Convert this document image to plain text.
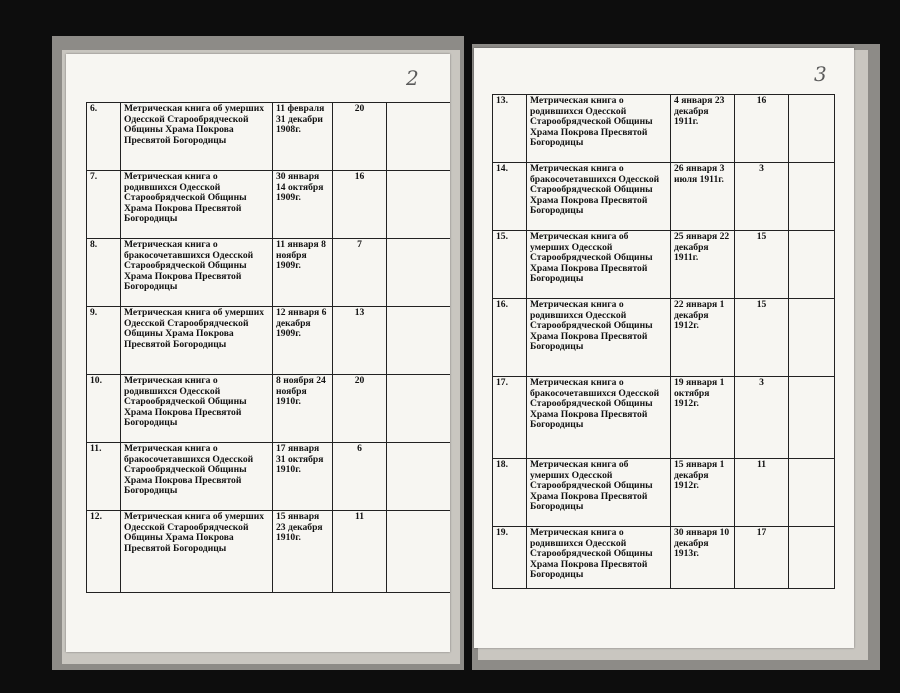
2
6.	Метрическая книга об умерших Одесской Старообрядческой Общины Храма Покрова Пресвятой Богородицы	11 февраля 31 декабри 1908г.	20	
7.	Метрическая книга о родившихся Одесской Старообрядческой Общины Храма Покрова Пресвятой Богородицы	30 января 14 октября 1909г.	16	
8.	Метрическая книга о бракосочетавшихся Одесской Старообрядческой Общины Храма Покрова Пресвятой Богородицы	11 января 8 ноября 1909г.	7	
9.	Метрическая книга об умерших Одесской Старообрядческой Общины Храма Покрова Пресвятой Богородицы	12 января 6 декабря 1909г.	13	
10.	Метрическая книга о родившихся Одесской Старообрядческой Общины Храма Покрова Пресвятой Богородицы	8 ноября 24 ноября 1910г.	20	
11.	Метрическая книга о бракосочетавшихся Одесской Старообрядческой Общины Храма Покрова Пресвятой Богородицы	17 января 31 октября 1910г.	6	
12.	Метрическая книга об умерших Одесской Старообрядческой Общины Храма Покрова Пресвятой Богородицы	15 января 23 декабря 1910г.	11	
3
13.	Метрическая книга о родившихся Одесской Старообрядческой Общины Храма Покрова Пресвятой Богородицы	4 января 23 декабря 1911г.	16	
14.	Метрическая книга о бракосочетавшихся Одесской Старообрядческой Общины Храма Покрова Пресвятой Богородицы	26 января 3 июля 1911г.	3	
15.	Метрическая книга об умерших Одесской Старообрядческой Общины Храма Покрова Пресвятой Богородицы	25 января 22 декабря 1911г.	15	
16.	Метрическая книга о родившихся Одесской Старообрядческой Общины Храма Покрова Пресвятой Богородицы	22 января 1 декабря 1912г.	15	
17.	Метрическая книга о бракосочетавшихся Одесской Старообрядческой Общины Храма Покрова Пресвятой Богородицы	19 января 1 октября 1912г.	3	
18.	Метрическая книга об умерших Одесской Старообрядческой Общины Храма Покрова Пресвятой Богородицы	15 января 1 декабря 1912г.	11	
19.	Метрическая книга о родившихся Одесской Старообрядческой Общины Храма Покрова Пресвятой Богородицы	30 января 10 декабря 1913г.	17	
